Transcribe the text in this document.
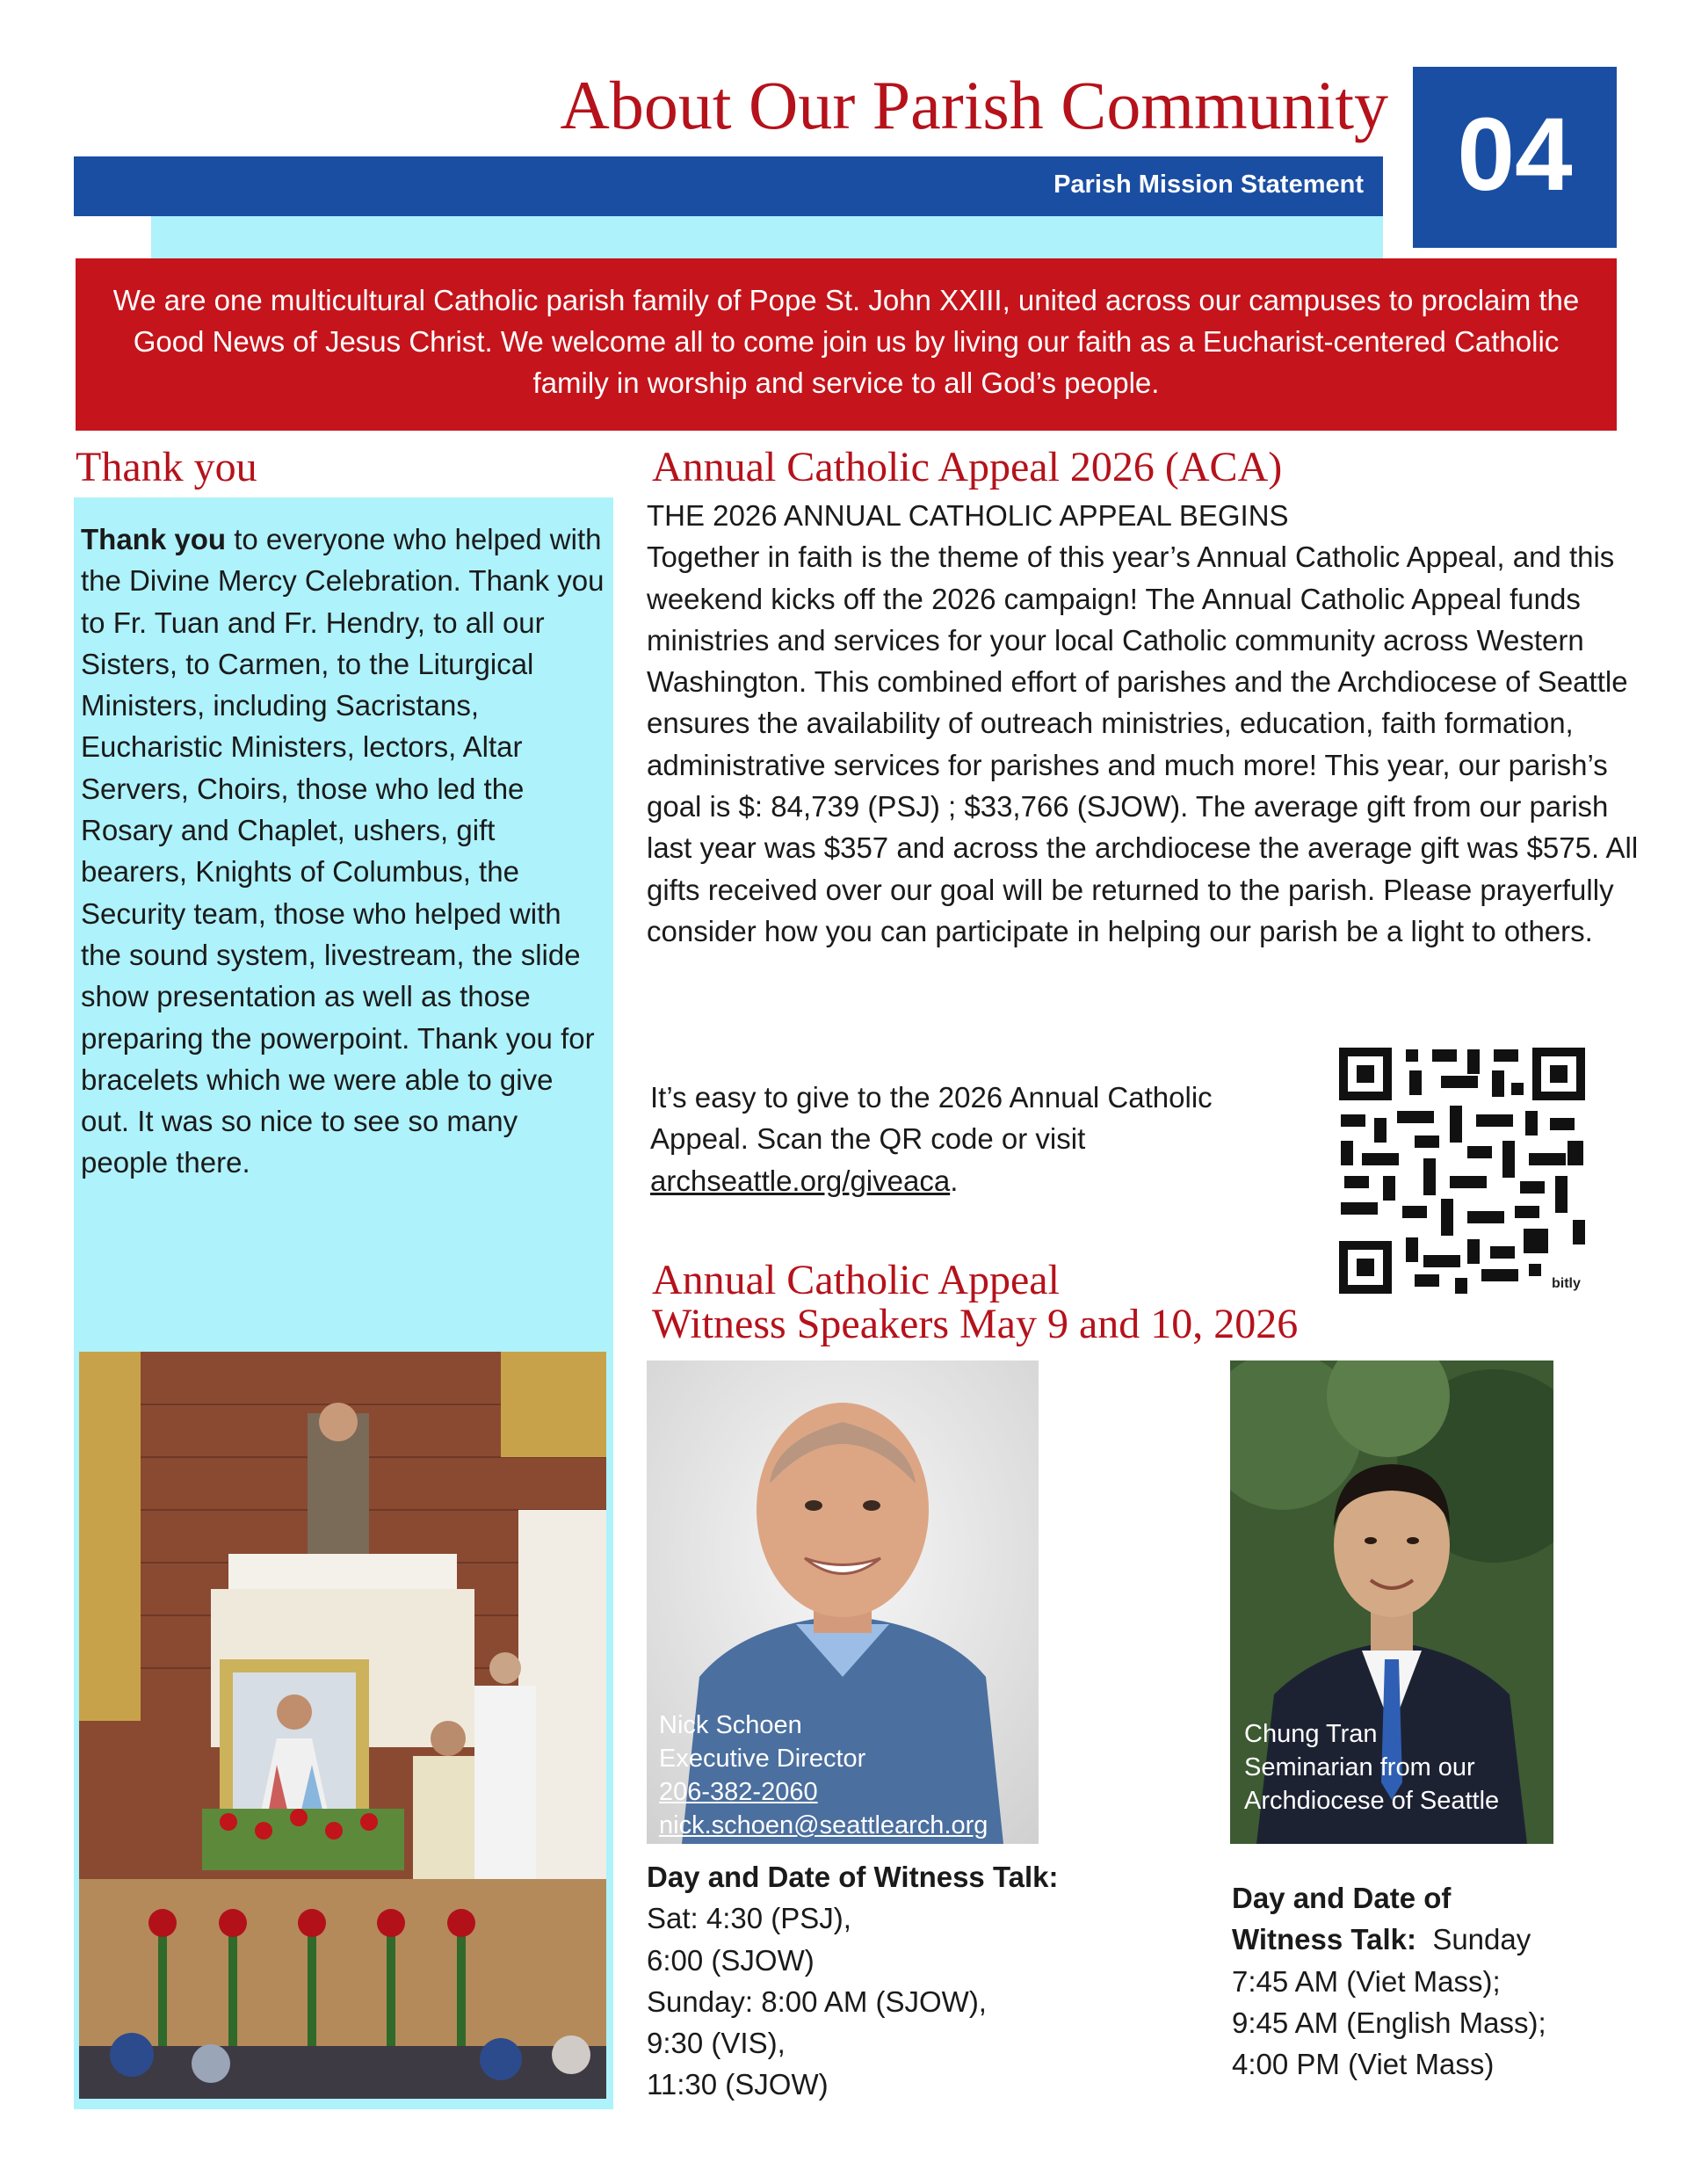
About Our Parish Community
Parish Mission Statement 04
We are one multicultural Catholic parish family of Pope St. John XXIII, united across our campuses to proclaim the Good News of Jesus Christ. We welcome all to come join us by living our faith as a Eucharist-centered Catholic family in worship and service to all God’s people.
Thank you
Thank you to everyone who helped with the Divine Mercy Celebration. Thank you to Fr. Tuan and Fr. Hendry, to all our Sisters, to Carmen, to the Liturgical Ministers, including Sacristans, Eucharistic Ministers, lectors, Altar Servers, Choirs, those who led the Rosary and Chaplet, ushers, gift bearers, Knights of Columbus, the Security team, those who helped with the sound system, livestream, the slide show presentation as well as those preparing the powerpoint. Thank you for bracelets which we were able to give out. It was so nice to see so many people there.
Annual Catholic Appeal 2026 (ACA)
THE 2026 ANNUAL CATHOLIC APPEAL BEGINS
Together in faith is the theme of this year’s Annual Catholic Appeal, and this weekend kicks off the 2026 campaign! The Annual Catholic Appeal funds ministries and services for your local Catholic community across Western Washington. This combined effort of parishes and the Archdiocese of Seattle ensures the availability of outreach ministries, education, faith formation, administrative services for parishes and much more! This year, our parish’s goal is $: 84,739 (PSJ) ; $33,766 (SJOW). The average gift from our parish last year was $357 and across the archdiocese the average gift was $575. All gifts received over our goal will be returned to the parish. Please prayerfully consider how you can participate in helping our parish be a light to others.
It’s easy to give to the 2026 Annual Catholic Appeal. Scan the QR code or visit archseattle.org/giveaca.
bitly
Annual Catholic Appeal
Witness Speakers May 9 and 10, 2026
Nick Schoen
Executive Director
206-382-2060
nick.schoen@seattlearch.org
Chung Tran
Seminarian from our Archdiocese of Seattle
Day and Date of Witness Talk:
Sat: 4:30 (PSJ),
6:00 (SJOW)
Sunday: 8:00 AM (SJOW),
9:30 (VIS),
11:30 (SJOW)
Day and Date of
Witness Talk:  Sunday
7:45 AM (Viet Mass);
9:45 AM (English Mass);
4:00 PM (Viet Mass)
